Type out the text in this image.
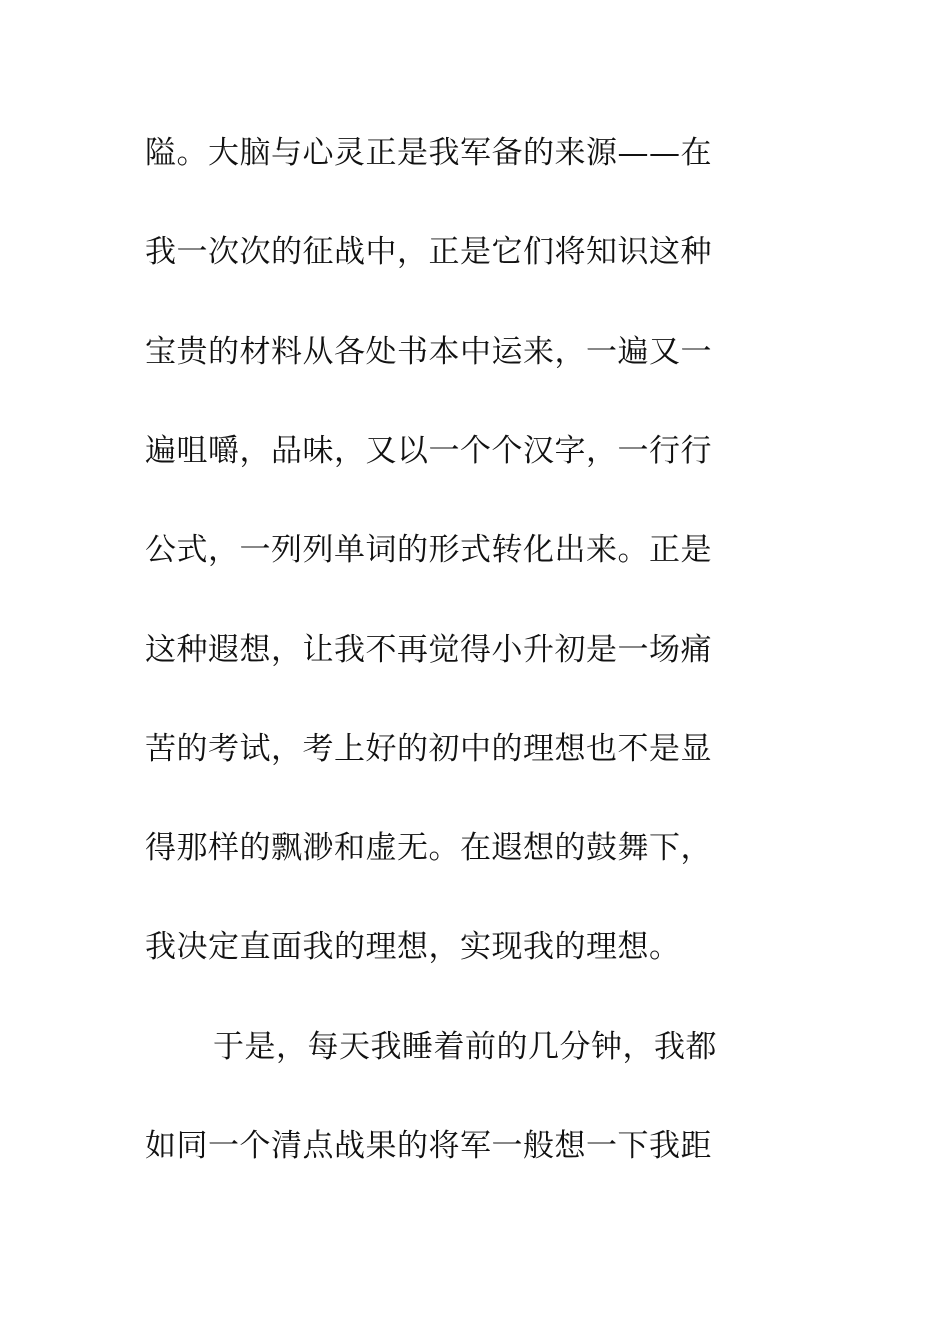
隘。大脑与心灵正是我军备的来源——在
我一次次的征战中，正是它们将知识这种
宝贵的材料从各处书本中运来，一遍又一
遍咀嚼，品味，又以一个个汉字，一行行
公式，一列列单词的形式转化出来。正是
这种遐想，让我不再觉得小升初是一场痛
苦的考试，考上好的初中的理想也不是显
得那样的飘渺和虚无。在遐想的鼓舞下，
我决定直面我的理想，实现我的理想。
于是，每天我睡着前的几分钟，我都
如同一个清点战果的将军一般想一下我距
